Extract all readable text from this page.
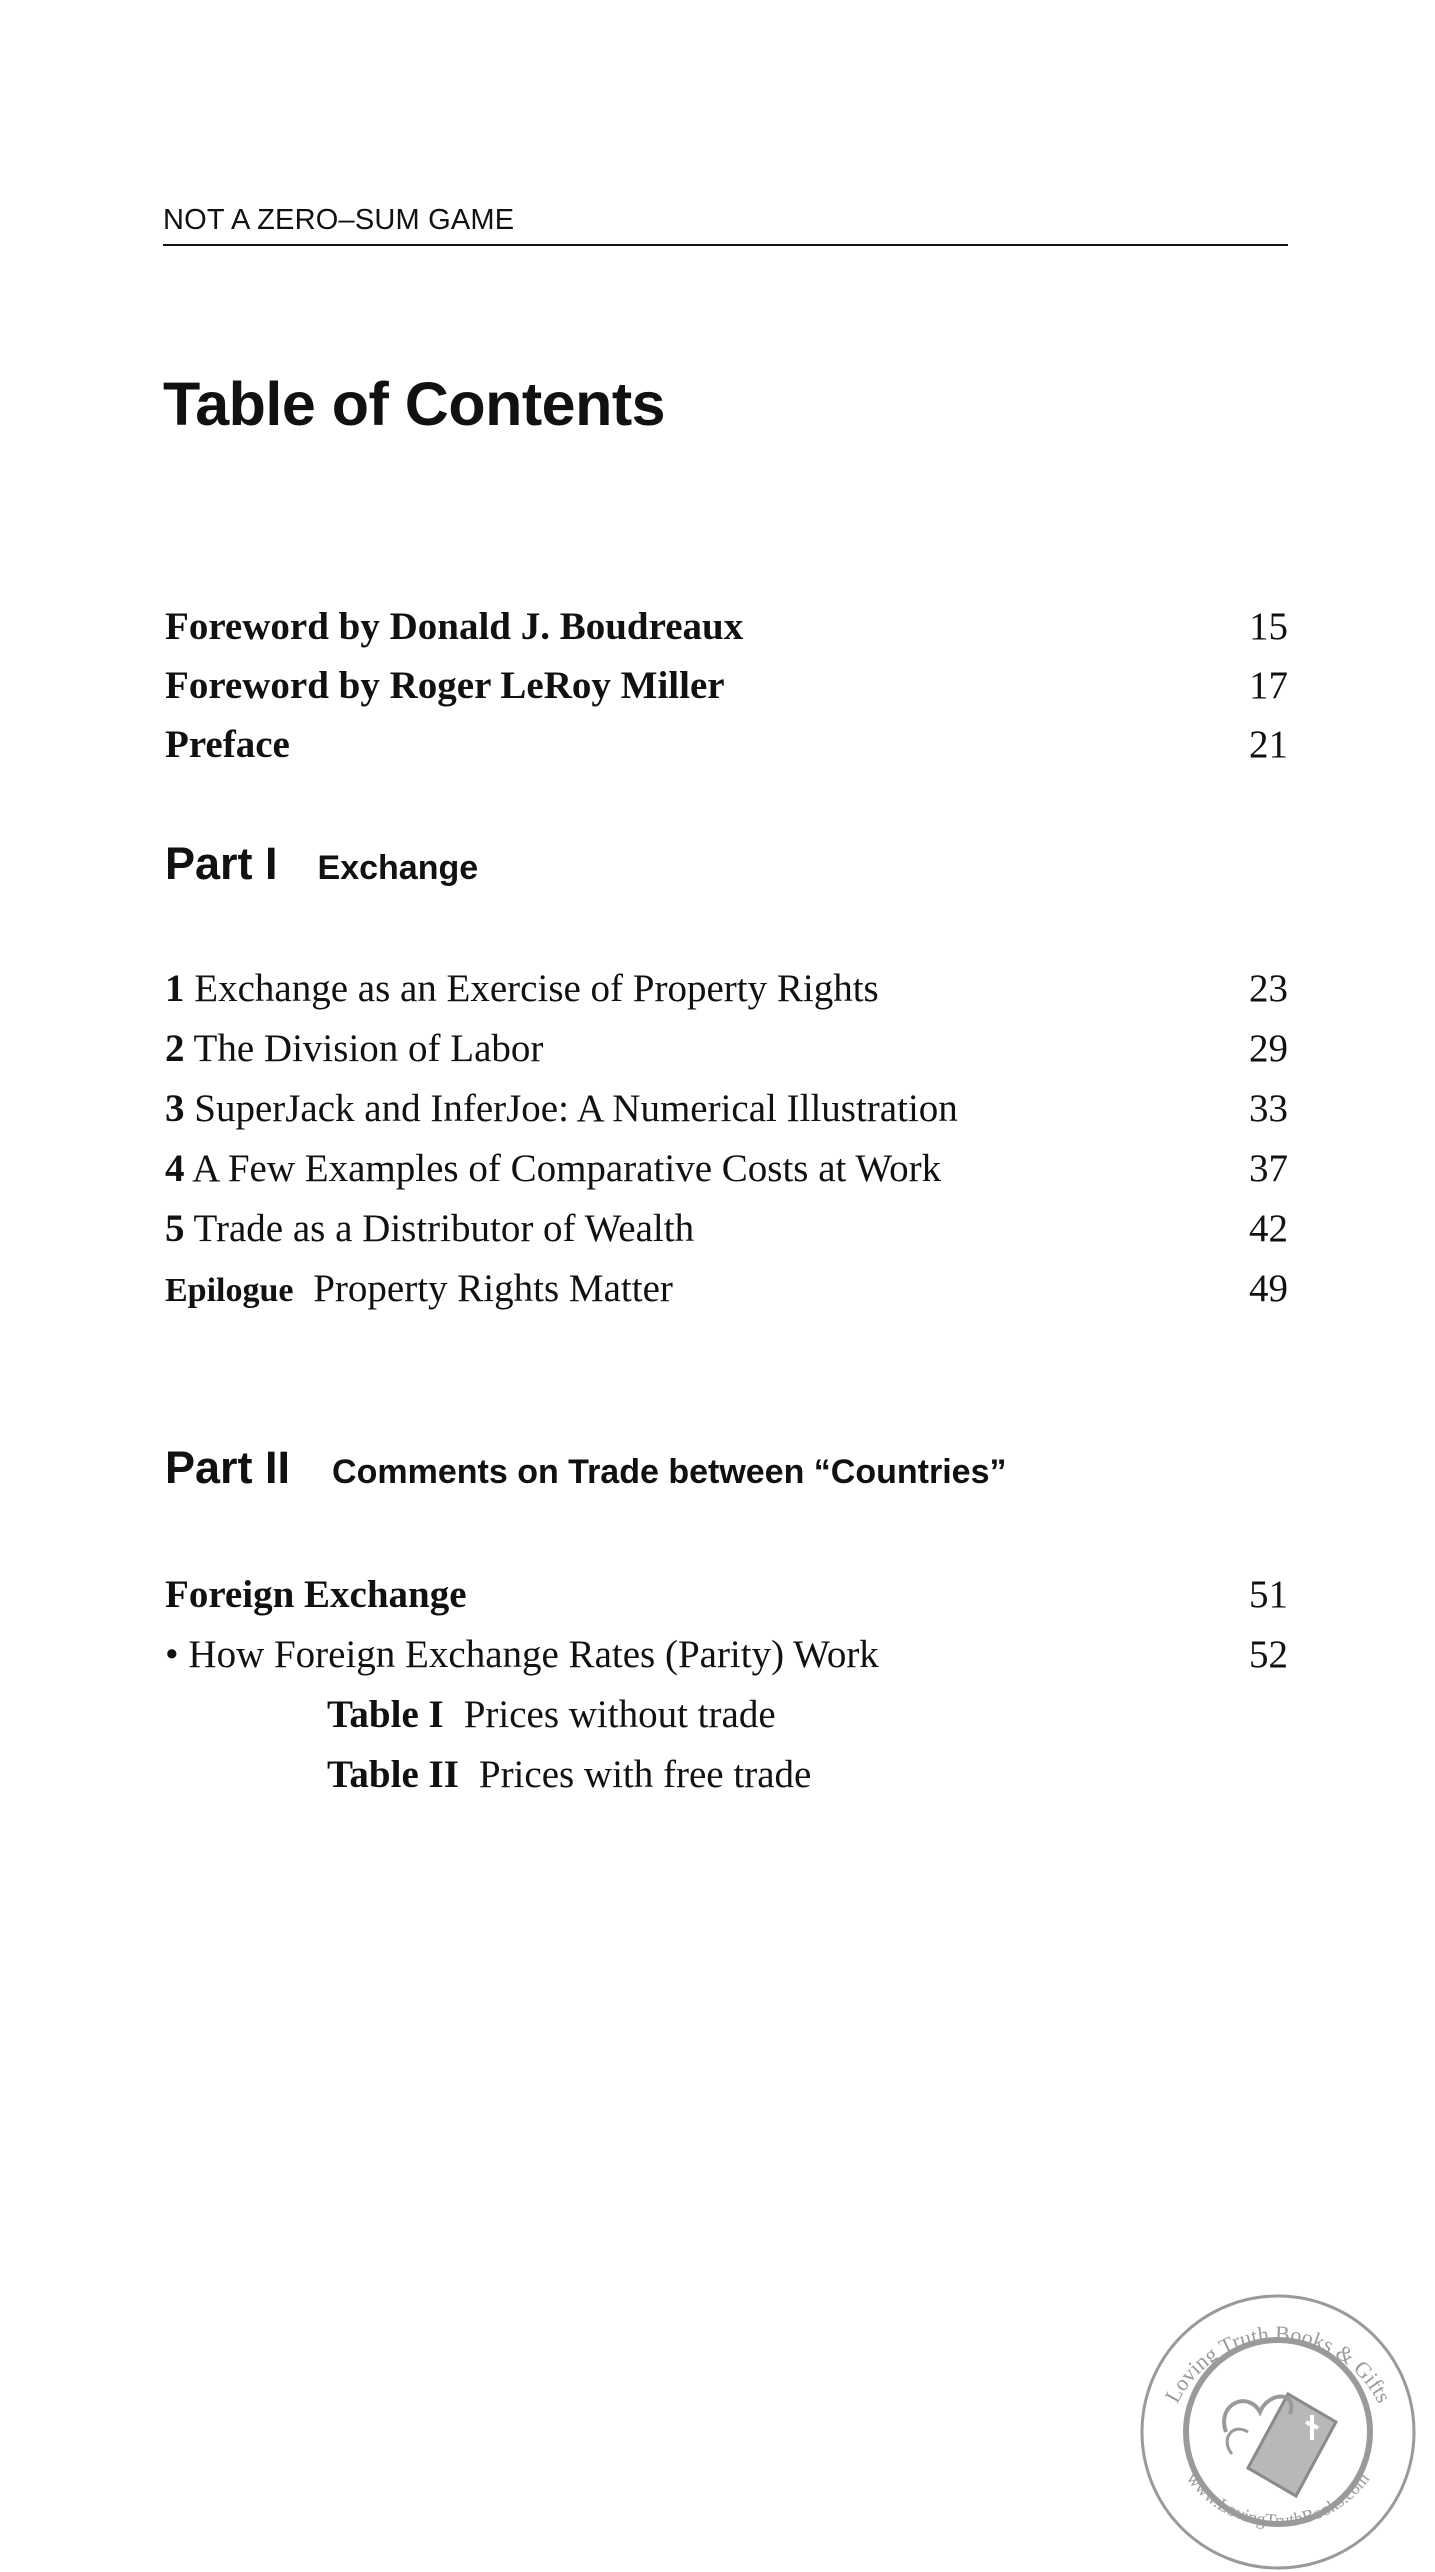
NOT A ZERO–SUM GAME
Table of Contents
Foreword by Donald J. Boudreaux	15
Foreword by Roger LeRoy Miller	17
Preface	21
Part I Exchange
1 Exchange as an Exercise of Property Rights	23
2 The Division of Labor	29
3 SuperJack and InferJoe: A Numerical Illustration	33
4 A Few Examples of Comparative Costs at Work	37
5 Trade as a Distributor of Wealth	42
Epilogue Property Rights Matter	49
Part II Comments on Trade between “Countries”
Foreign Exchange	51
• How Foreign Exchange Rates (Parity) Work	52
Table I Prices without trade
Table II Prices with free trade
Loving Truth Books & Gifts
www.LovingTruthBooks.com
